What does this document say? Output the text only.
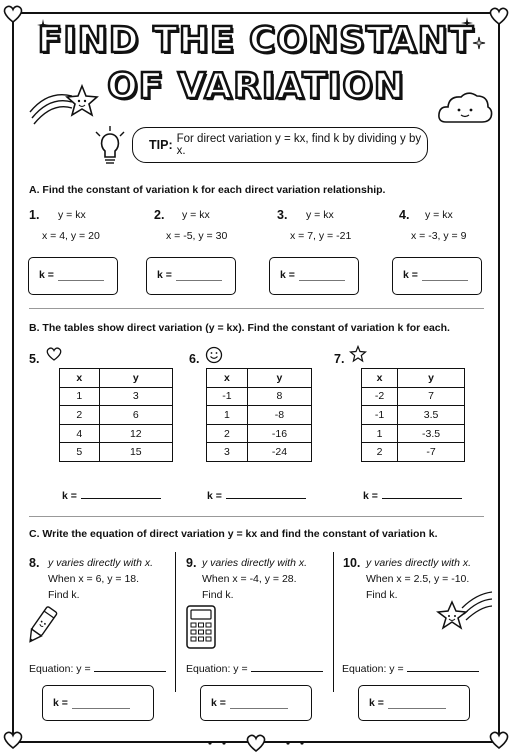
FIND THE CONSTANT
OF VARIATION
TIP: For direct variation y = kx, find k by dividing y by x.
A. Find the constant of variation k for each direct variation relationship.
1. y = kx
x = 4, y = 20
k =
2. y = kx
x = -5, y = 30
k =
3. y = kx
x = 7, y = -21
k =
4. y = kx
x = -3, y = 9
k =
B. The tables show direct variation (y = kx). Find the constant of variation k for each.
5.
x	y
1	3
2	6
4	12
5	15
k =
6.
x	y
-1	8
1	-8
2	-16
3	-24
k =
7.
x	y
-2	7
-1	3.5
1	-3.5
2	-7
k =
C. Write the equation of direct variation y = kx and find the constant of variation k.
8. y varies directly with x.
When x = 6, y = 18.
Find k.
Equation: y =
k =
9. y varies directly with x.
When x = -4, y = 28.
Find k.
Equation: y =
k =
10. y varies directly with x.
When x = 2.5, y = -10.
Find k.
Equation: y =
k =
